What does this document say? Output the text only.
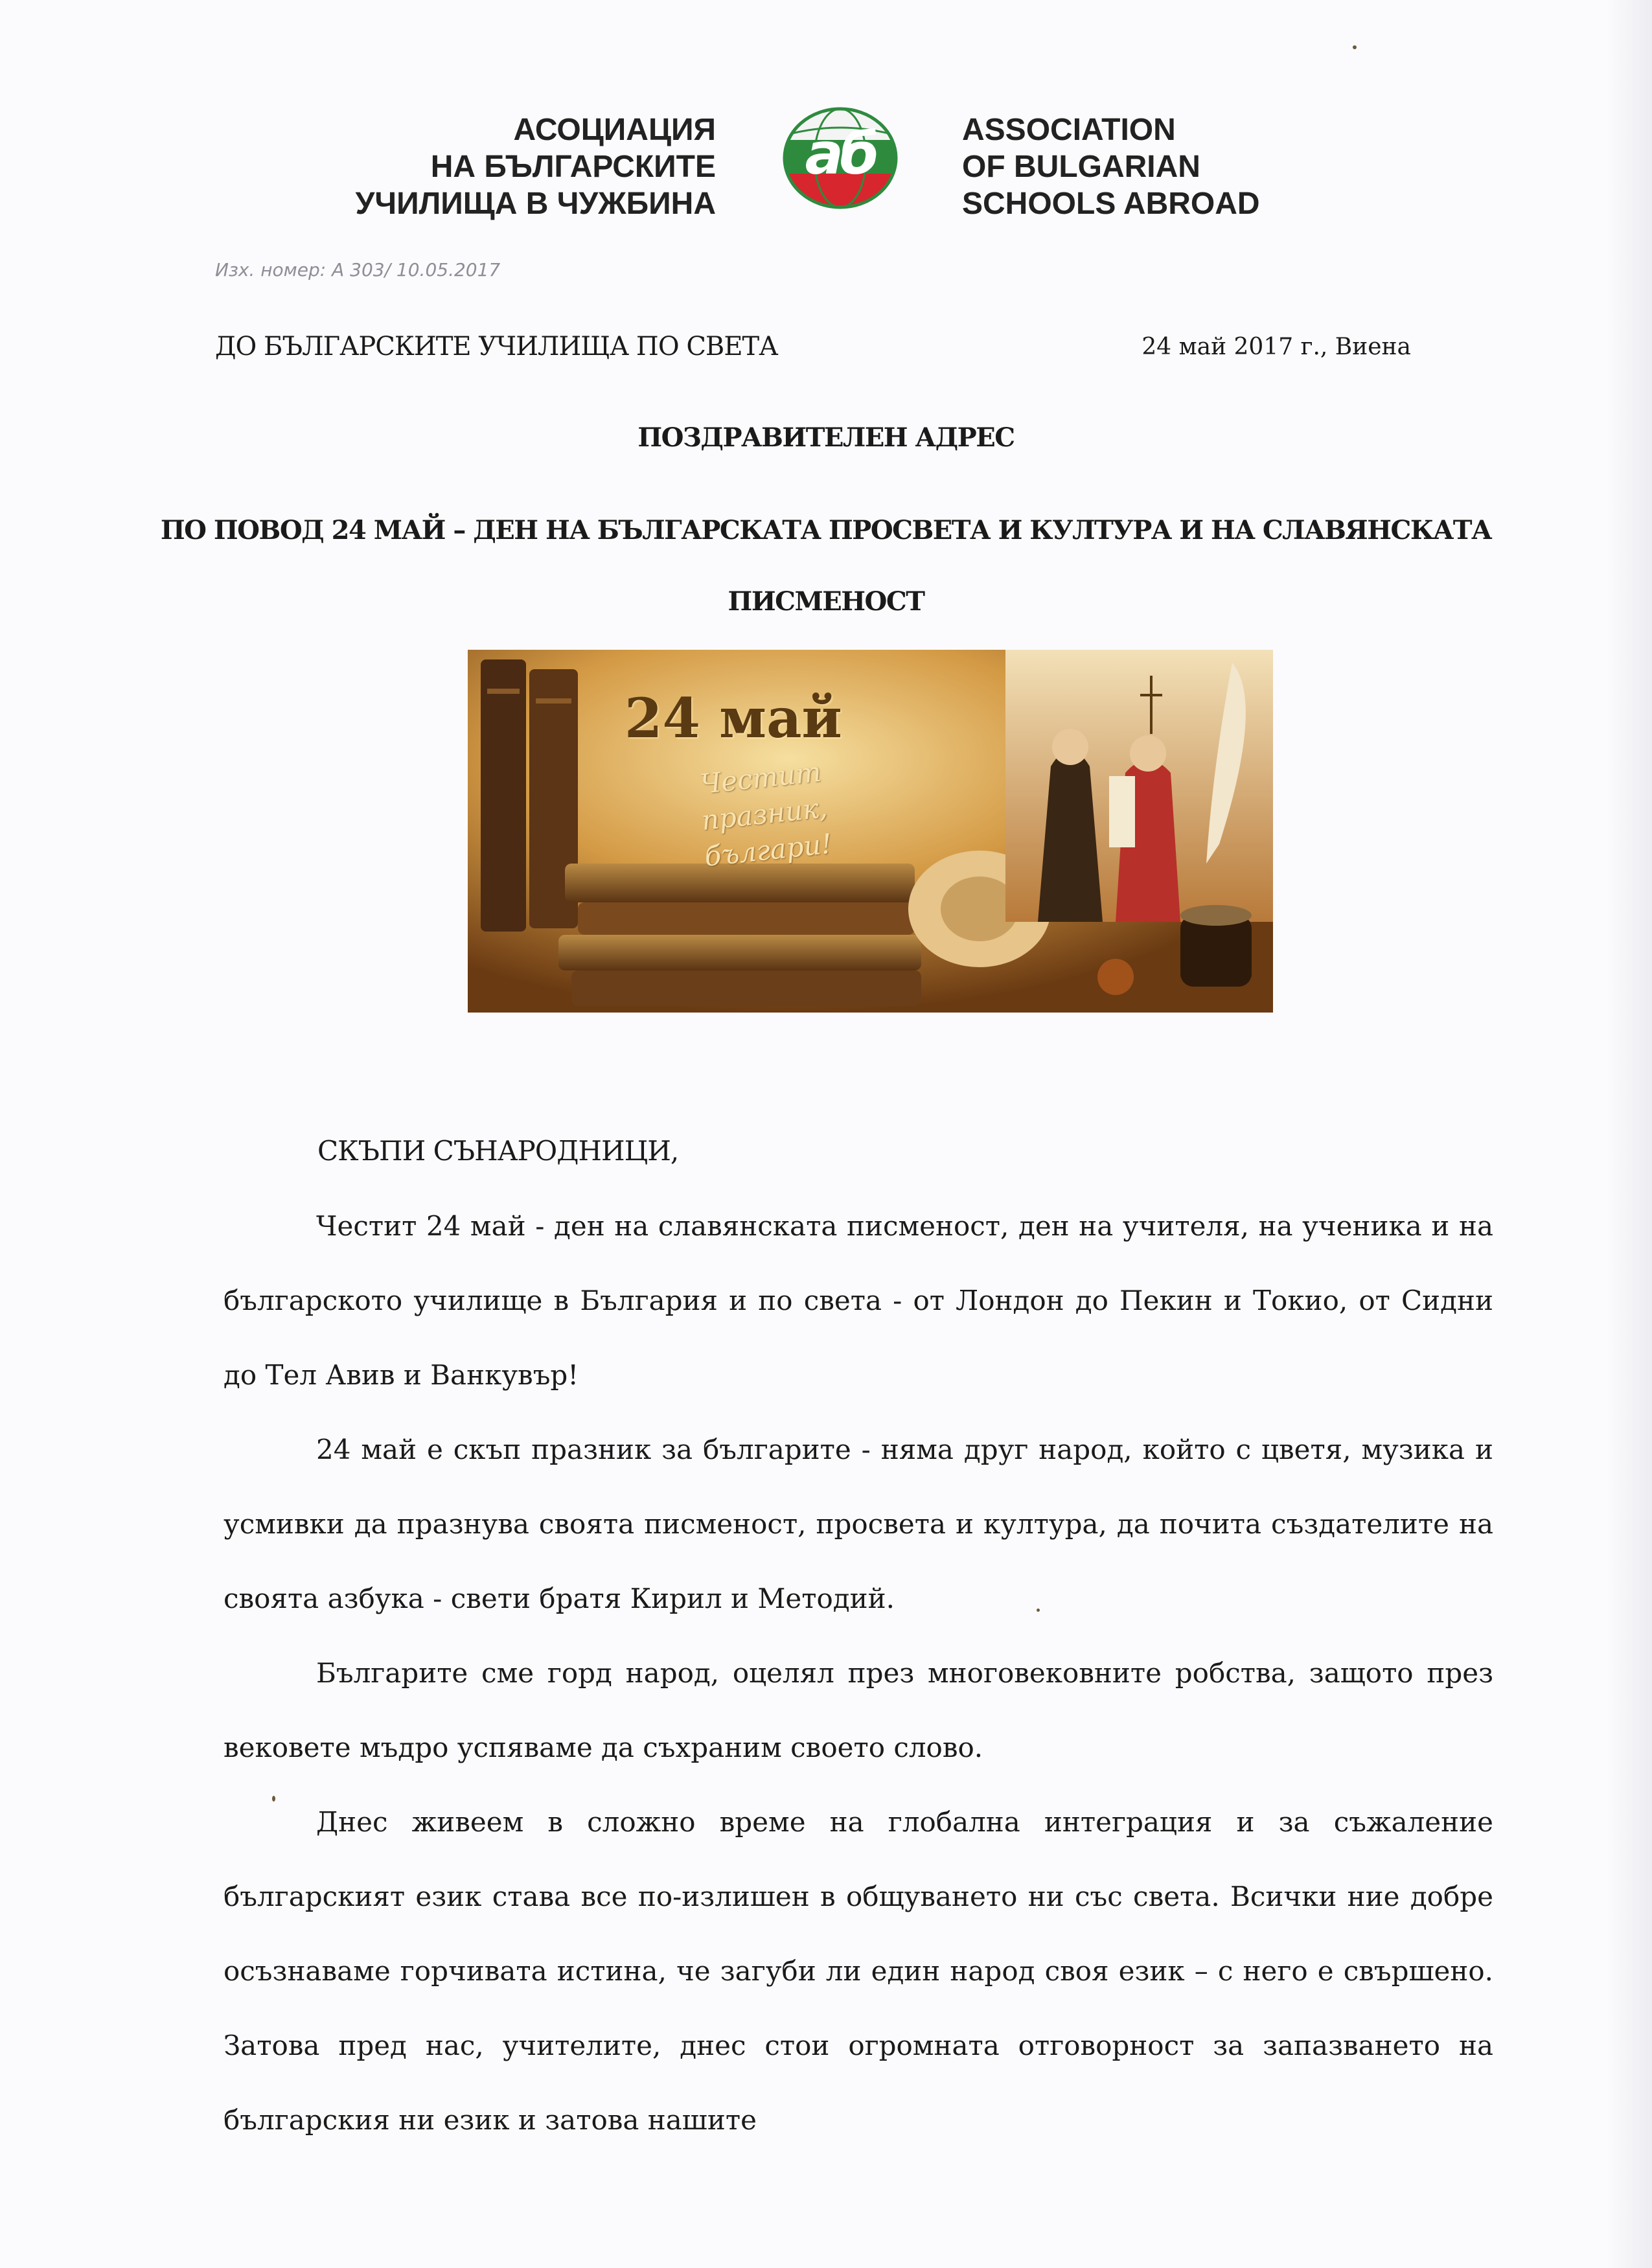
АСОЦИАЦИЯ
НА БЪЛГАРСКИТЕ
УЧИЛИЩА В ЧУЖБИНА
аб	ASSOCIATION
OF BULGARIAN
SCHOOLS ABROAD
Изх. номер: А 303/ 10.05.2017
ДО БЪЛГАРСКИТЕ УЧИЛИЩА ПО СВЕТА	24 май 2017 г., Виена
ПОЗДРАВИТЕЛЕН АДРЕС
ПО ПОВОД 24 МАЙ – ДЕН НА БЪЛГАРСКАТА ПРОСВЕТА И КУЛТУРА И НА СЛАВЯНСКАТА
ПИСМЕНОСТ
24 май
Честит празник,
българи!
СКЪПИ СЪНАРОДНИЦИ,

Честит 24 май - ден на славянската писменост, ден на учителя, на ученика и на българското училище в България и по света - от Лондон до Пекин и Токио, от Сидни до Тел Авив и Ванкувър!

24 май е скъп празник за българите - няма друг народ, който с цветя, музика и усмивки да празнува своята писменост, просвета и култура, да почита създателите на своята азбука - свети братя Кирил и Методий.

Българите сме горд народ, оцелял през многовековните робства, защото през вековете мъдро успяваме да съхраним своето слово.

Днес живеем в сложно време на глобална интеграция и за съжаление българският език става все по-излишен в общуването ни със света. Всички ние добре осъзнаваме горчивата истина, че загуби ли един народ своя език – с него е свършено. Затова пред нас, учителите, днес стои огромната отговорност за запазването на българския ни език и затова нашите
